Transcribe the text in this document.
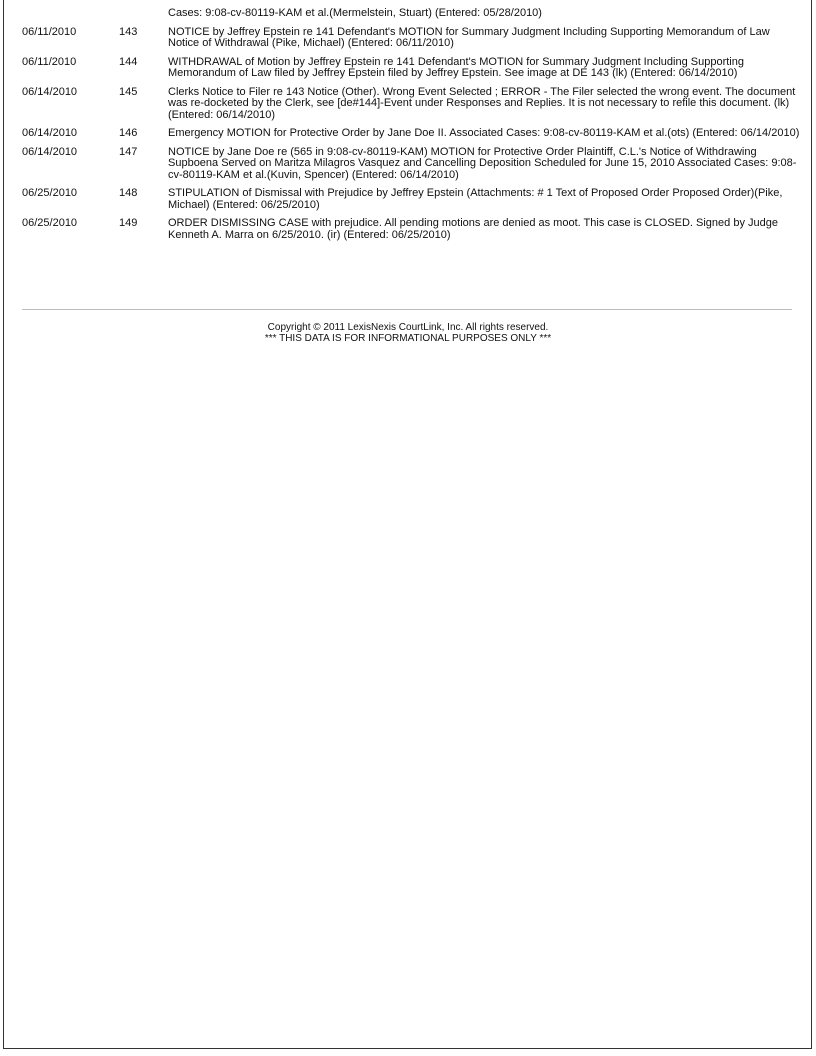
Cases: 9:08-cv-80119-KAM et al.(Mermelstein, Stuart) (Entered: 05/28/2010)
06/11/2010	143	NOTICE by Jeffrey Epstein re 141 Defendant's MOTION for Summary Judgment Including Supporting Memorandum of Law Notice of Withdrawal (Pike, Michael) (Entered: 06/11/2010)
06/11/2010	144	WITHDRAWAL of Motion by Jeffrey Epstein re 141 Defendant's MOTION for Summary Judgment Including Supporting Memorandum of Law filed by Jeffrey Epstein filed by Jeffrey Epstein. See image at DE 143 (lk) (Entered: 06/14/2010)
06/14/2010	145	Clerks Notice to Filer re 143 Notice (Other). Wrong Event Selected ; ERROR - The Filer selected the wrong event. The document was re-docketed by the Clerk, see [de#144]-Event under Responses and Replies. It is not necessary to refile this document. (lk) (Entered: 06/14/2010)
06/14/2010	146	Emergency MOTION for Protective Order by Jane Doe II. Associated Cases: 9:08-cv-80119-KAM et al.(ots) (Entered: 06/14/2010)
06/14/2010	147	NOTICE by Jane Doe re (565 in 9:08-cv-80119-KAM) MOTION for Protective Order Plaintiff, C.L.'s Notice of Withdrawing Supboena Served on Maritza Milagros Vasquez and Cancelling Deposition Scheduled for June 15, 2010 Associated Cases: 9:08-cv-80119-KAM et al.(Kuvin, Spencer) (Entered: 06/14/2010)
06/25/2010	148	STIPULATION of Dismissal with Prejudice by Jeffrey Epstein (Attachments: # 1 Text of Proposed Order Proposed Order)(Pike, Michael) (Entered: 06/25/2010)
06/25/2010	149	ORDER DISMISSING CASE with prejudice. All pending motions are denied as moot. This case is CLOSED. Signed by Judge Kenneth A. Marra on 6/25/2010. (ir) (Entered: 06/25/2010)
Copyright © 2011 LexisNexis CourtLink, Inc. All rights reserved.
*** THIS DATA IS FOR INFORMATIONAL PURPOSES ONLY ***
